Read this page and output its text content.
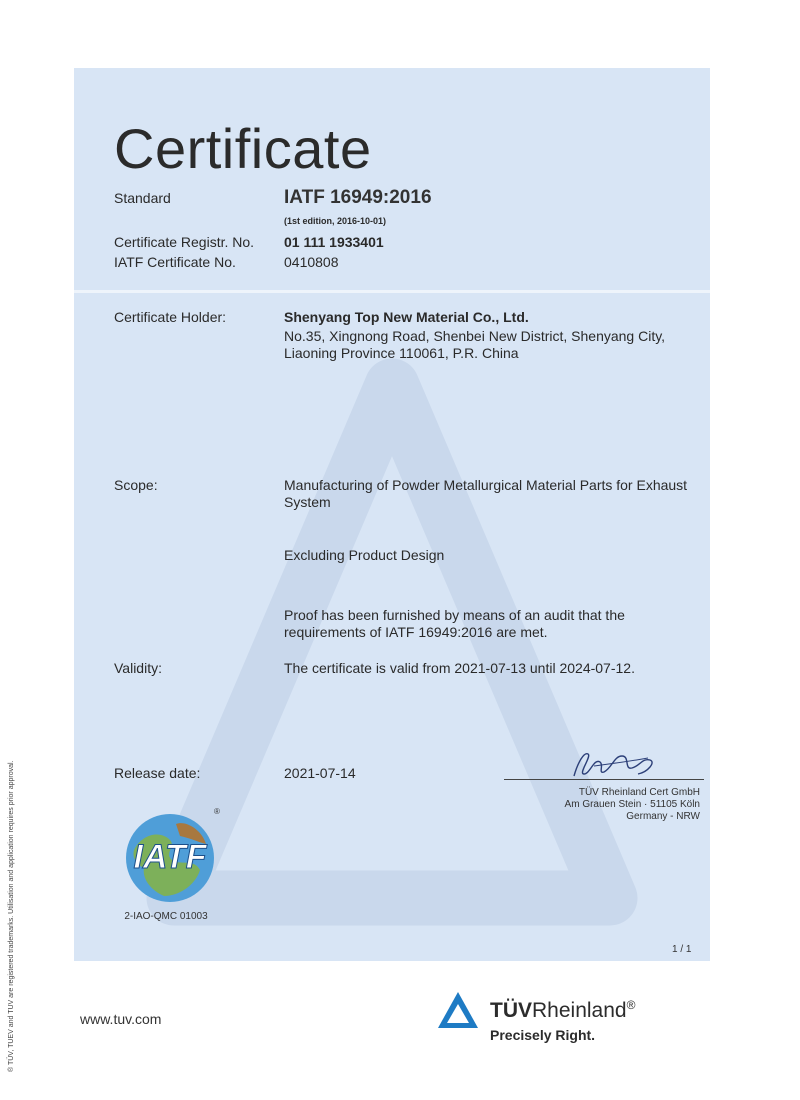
Certificate
Standard	IATF 16949:2016
(1st edition, 2016-10-01)
Certificate Registr. No. 01 111 1933401
IATF Certificate No.	0410808
Certificate Holder:	Shenyang Top New Material Co., Ltd.
No.35, Xingnong Road, Shenbei New District, Shenyang City,
Liaoning Province 110061, P.R. China
Scope:	Manufacturing of Powder Metallurgical Material Parts for Exhaust
System
Excluding Product Design
Proof has been furnished by means of an audit that the
requirements of IATF 16949:2016 are met.
Validity:	The certificate is valid from 2021-07-13 until 2024-07-12.
Release date:	2021-07-14
TÜV Rheinland Cert GmbH
Am Grauen Stein · 51105 Köln
Germany - NRW
IATF
®
2-IAO-QMC 01003
1 / 1
® TÜV, TUEV and TUV are registered trademarks. Utilisation and application requires prior approval.	www.tuv.com	TÜVRheinland®
Precisely Right.
